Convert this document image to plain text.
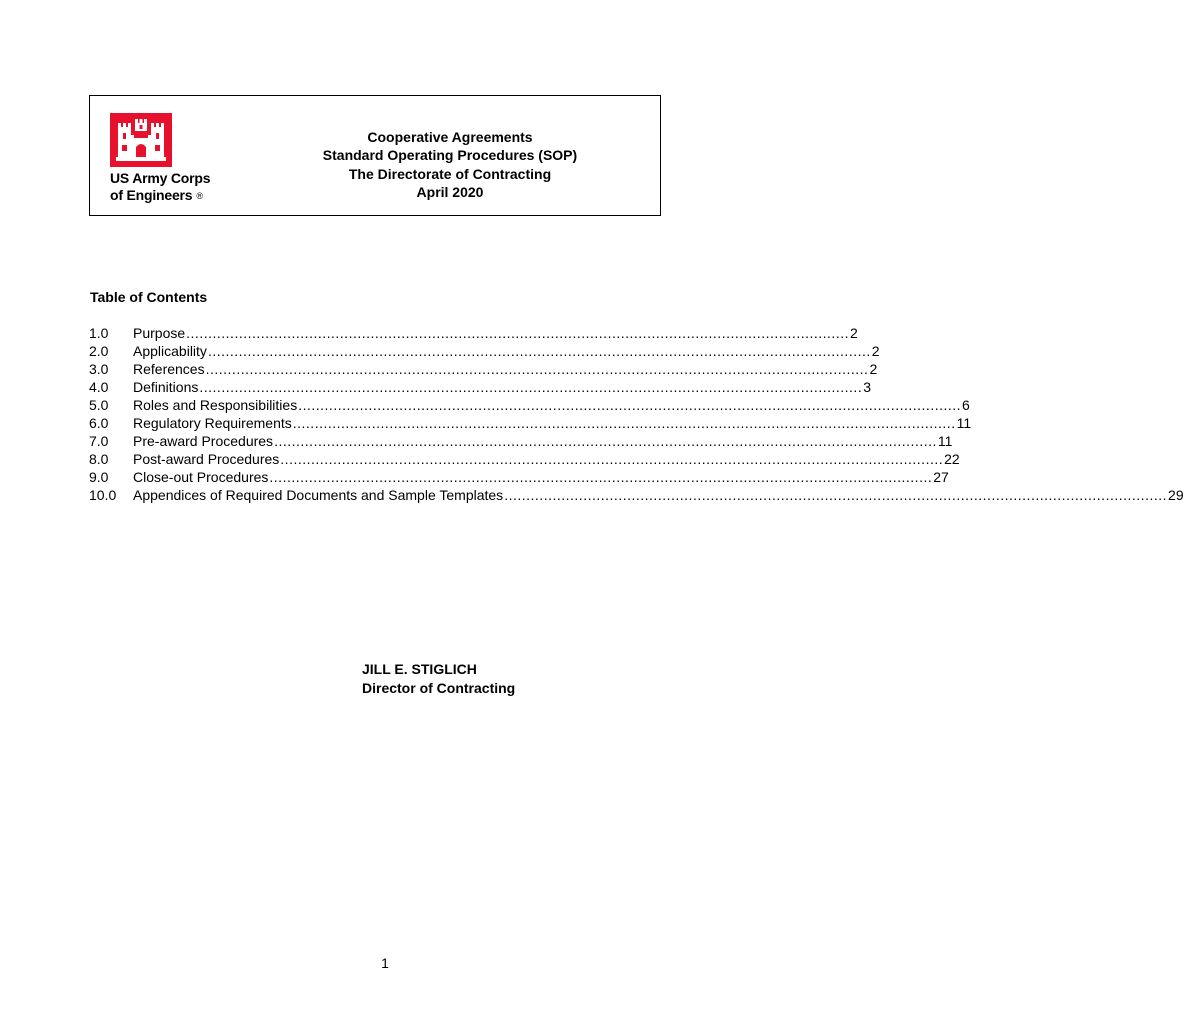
US Army Corps
of Engineers ®
Cooperative Agreements
Standard Operating Procedures (SOP)
The Directorate of Contracting
April 2020
Table of Contents
1.0	Purpose ....................................................................................................................................................... 2
2.0	Applicability ....................................................................................................................................................... 2
3.0	References ....................................................................................................................................................... 2
4.0	Definitions ....................................................................................................................................................... 3
5.0	Roles and Responsibilities ....................................................................................................................................................... 6
6.0	Regulatory Requirements ....................................................................................................................................................... 11
7.0	Pre-award Procedures ....................................................................................................................................................... 11
8.0	Post-award Procedures ....................................................................................................................................................... 22
9.0	Close-out Procedures ....................................................................................................................................................... 27
10.0	Appendices of Required Documents and Sample Templates ....................................................................................................................................................... 29
JILL E. STIGLICH
Director of Contracting
1
